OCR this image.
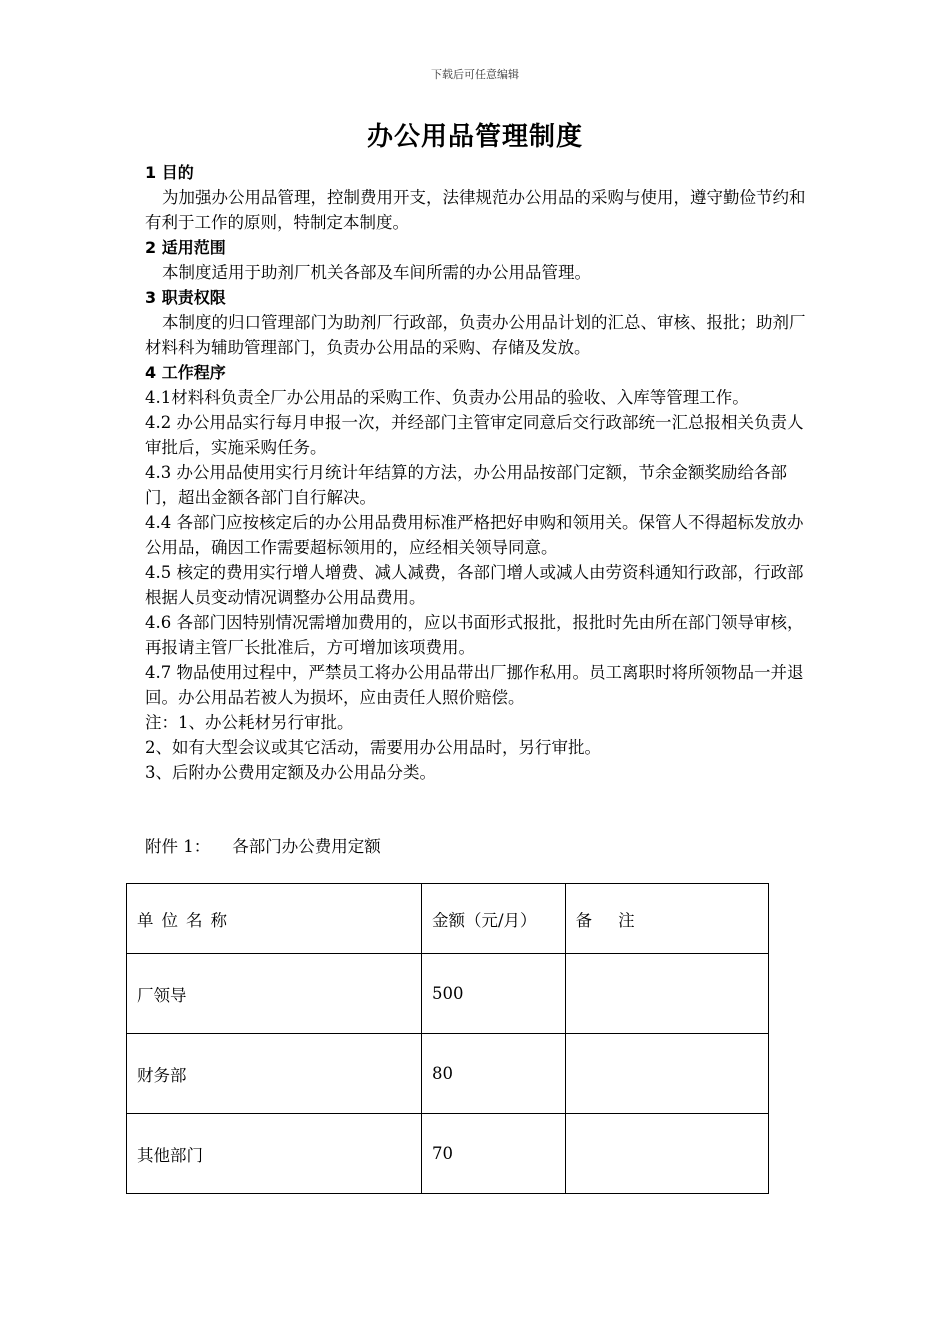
下载后可任意编辑
办公用品管理制度

1 目的

为加强办公用品管理，控制费用开支，法律规范办公用品的采购与使用，遵守勤俭节约和有利于工作的原则，特制定本制度。

2 适用范围

本制度适用于助剂厂机关各部及车间所需的办公用品管理。

3 职责权限

本制度的归口管理部门为助剂厂行政部，负责办公用品计划的汇总、审核、报批；助剂厂材料科为辅助管理部门，负责办公用品的采购、存储及发放。

4 工作程序

4.1材料科负责全厂办公用品的采购工作、负责办公用品的验收、入库等管理工作。

4.2 办公用品实行每月申报一次，并经部门主管审定同意后交行政部统一汇总报相关负责人审批后，实施采购任务。

4.3 办公用品使用实行月统计年结算的方法，办公用品按部门定额，节余金额奖励给各部门，超出金额各部门自行解决。

4.4 各部门应按核定后的办公用品费用标准严格把好申购和领用关。保管人不得超标发放办公用品，确因工作需要超标领用的，应经相关领导同意。

4.5 核定的费用实行增人增费、减人减费，各部门增人或减人由劳资科通知行政部，行政部根据人员变动情况调整办公用品费用。

4.6 各部门因特别情况需增加费用的，应以书面形式报批，报批时先由所在部门领导审核，再报请主管厂长批准后，方可增加该项费用。

4.7 物品使用过程中，严禁员工将办公用品带出厂挪作私用。员工离职时将所领物品一并退回。办公用品若被人为损坏，应由责任人照价赔偿。

注：1、办公耗材另行审批。

2、如有大型会议或其它活动，需要用办公用品时，另行审批。

3、后附办公费用定额及办公用品分类。

附件 1： 各部门办公费用定额
单位名称	金额（元/月）	备注
厂领导	500	
财务部	80	
其他部门	70	
